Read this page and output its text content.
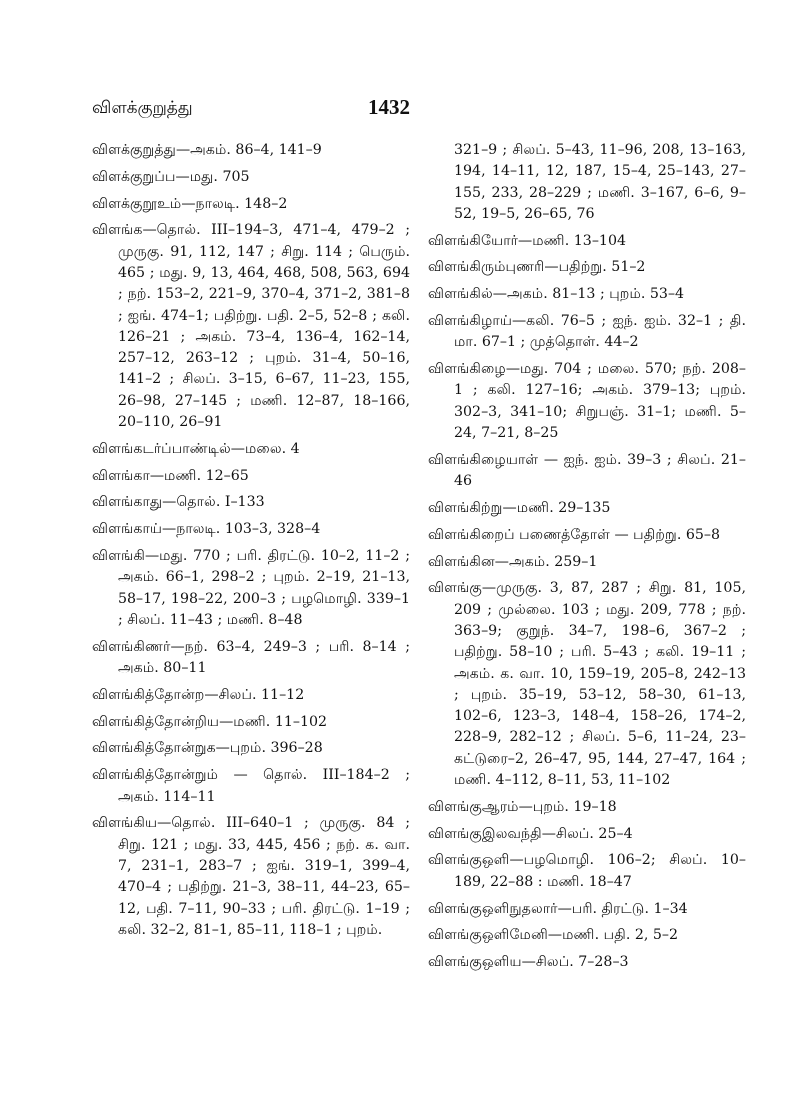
விளக்குறுத்து	1432

விளக்குறுத்து—அகம். 86–4, 141–9

விளக்குறுப்ப—மது. 705

விளக்குறூஉம்—நாலடி. 148–2

விளங்க—தொல். III–194–3, 471–4, 479–2 ; முருகு. 91, 112, 147 ; சிறு. 114 ; பெரும். 465 ; மது. 9, 13, 464, 468, 508, 563, 694 ; நற். 153–2, 221–9, 370–4, 371–2, 381–8 ; ஐங். 474–1; பதிற்று. பதி. 2–5, 52–8 ; கலி. 126–21 ; அகம். 73–4, 136–4, 162–14, 257–12, 263–12 ; புறம். 31–4, 50–16, 141–2 ; சிலப். 3–15, 6–67, 11–23, 155, 26–98, 27–145 ; மணி. 12–87, 18–166, 20–110, 26–91

விளங்கடர்ப்பாண்டில்—மலை. 4

விளங்கா—மணி. 12–65

விளங்காது—தொல். I–133

விளங்காய்—நாலடி. 103–3, 328–4

விளங்கி—மது. 770 ; பரி. திரட்டு. 10–2, 11–2 ; அகம். 66–1, 298–2 ; புறம். 2–19, 21–13, 58–17, 198–22, 200–3 ; பழமொழி. 339–1 ; சிலப். 11–43 ; மணி. 8–48

விளங்கிணர்—நற். 63–4, 249–3 ; பரி. 8–14 ; அகம். 80–11

விளங்கித்தோன்ற—சிலப். 11–12

விளங்கித்தோன்றிய—மணி. 11–102

விளங்கித்தோன்றுக—புறம். 396–28

விளங்கித்தோன்றும் — தொல். III–184–2 ; அகம். 114–11

விளங்கிய—தொல். III–640–1 ; முருகு. 84 ; சிறு. 121 ; மது. 33, 445, 456 ; நற். க. வா. 7, 231–1, 283–7 ; ஐங். 319–1, 399–4, 470–4 ; பதிற்று. 21–3, 38–11, 44–23, 65–12, பதி. 7–11, 90–33 ; பரி. திரட்டு. 1–19 ; கலி. 32–2, 81–1, 85–11, 118–1 ; புறம்.

321–9 ; சிலப். 5–43, 11–96, 208, 13–163, 194, 14–11, 12, 187, 15–4, 25–143, 27–155, 233, 28–229 ; மணி. 3–167, 6–6, 9–52, 19–5, 26–65, 76

விளங்கியோர்—மணி. 13–104

விளங்கிரும்புணரி—பதிற்று. 51–2

விளங்கில்—அகம். 81–13 ; புறம். 53–4

விளங்கிழாய்—கலி. 76–5 ; ஐந். ஐம். 32–1 ; தி. மா. 67–1 ; முத்தொள். 44–2

விளங்கிழை—மது. 704 ; மலை. 570; நற். 208–1 ; கலி. 127–16; அகம். 379–13; புறம். 302–3, 341–10; சிறுபஞ். 31–1; மணி. 5–24, 7–21, 8–25

விளங்கிழையாள் — ஐந். ஐம். 39–3 ; சிலப். 21–46

விளங்கிற்று—மணி. 29–135

விளங்கிறைப் பணைத்தோள் — பதிற்று. 65–8

விளங்கின—அகம். 259–1

விளங்கு—முருகு. 3, 87, 287 ; சிறு. 81, 105, 209 ; முல்லை. 103 ; மது. 209, 778 ; நற். 363–9; குறுந். 34–7, 198–6, 367–2 ; பதிற்று. 58–10 ; பரி. 5–43 ; கலி. 19–11 ; அகம். க. வா. 10, 159–19, 205–8, 242–13 ; புறம். 35–19, 53–12, 58–30, 61–13, 102–6, 123–3, 148–4, 158–26, 174–2, 228–9, 282–12 ; சிலப். 5–6, 11–24, 23–கட்டுரை–2, 26–47, 95, 144, 27–47, 164 ; மணி. 4–112, 8–11, 53, 11–102

விளங்குஆரம்—புறம். 19–18

விளங்குஇலவந்தி—சிலப். 25–4

விளங்குஒளி—பழமொழி. 106–2; சிலப். 10–189, 22–88 : மணி. 18–47

விளங்குஒளிநுதலார்—பரி. திரட்டு. 1–34

விளங்குஒளிமேனி—மணி. பதி. 2, 5–2

விளங்குஒளிய—சிலப். 7–28–3
